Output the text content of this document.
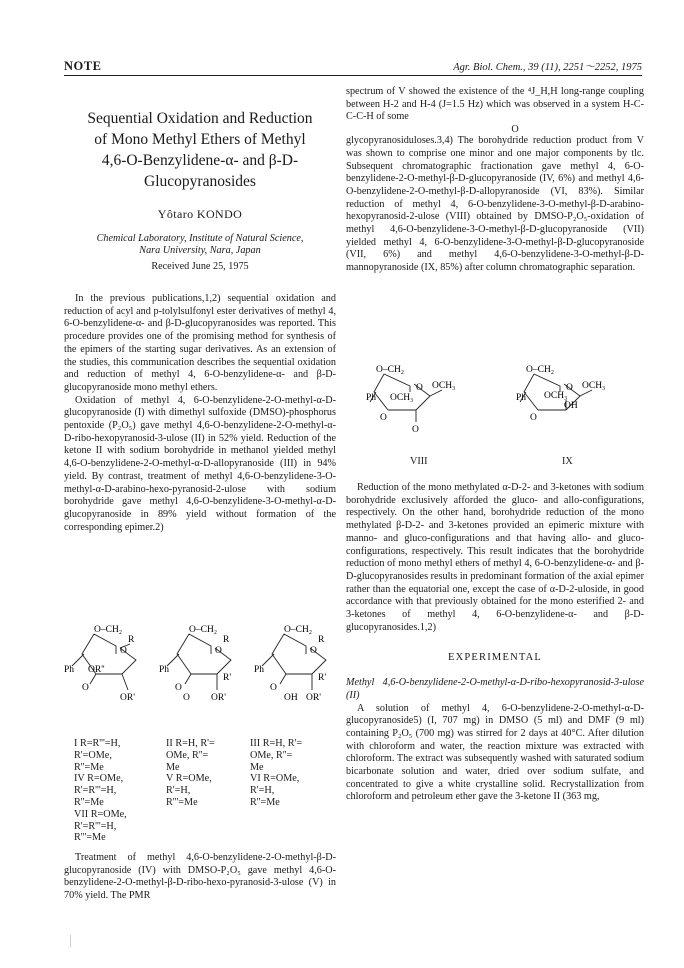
NOTE	Agr. Biol. Chem., 39 (11), 2251～2252, 1975

Sequential Oxidation and Reduction

of Mono Methyl Ethers of Methyl

4,6-O-Benzylidene-α- and β-D-

Glucopyranosides

Yôtaro KONDO

Chemical Laboratory, Institute of Natural Science,
Nara University, Nara, Japan

Received June 25, 1975

In the previous publications,1,2) sequential oxidation and reduction of acyl and p-tolylsulfonyl ester derivatives of methyl 4, 6-O-benzylidene-α- and β-D-glucopyranosides was reported. This procedure provides one of the promising method for synthesis of the epimers of the starting sugar derivatives. As an extension of the studies, this communication describes the sequential oxidation and reduction of methyl 4, 6-O-benzylidene-α- and β-D-glucopyranoside mono methyl ethers.

Oxidation of methyl 4, 6-O-benzylidene-2-O-methyl-α-D-glucopyranoside (I) with dimethyl sulfoxide (DMSO)-phosphorus pentoxide (P₂O₅) gave methyl 4,6-O-benzylidene-2-O-methyl-α-D-ribo-hexopyranosid-3-ulose (II) in 52% yield. Reduction of the ketone II with sodium borohydride in methanol yielded methyl 4,6-O-benzylidene-2-O-methyl-α-D-allopyranoside (III) in 94% yield. By contrast, treatment of methyl 4,6-O-benzylidene-3-O-methyl-α-D-arabino-hexo-pyranosid-2-ulose with sodium borohydride gave methyl 4,6-O-benzylidene-3-O-methyl-α-D-glucopyranoside in 89% yield without formation of the corresponding epimer.2)

O–CH₂
O
R
Ph OR''
O
OR'
O–CH₂
O
R
R'
Ph
O
O OR'
O–CH₂
O
R
R'
Ph
O
OH OR'
I R=R'''=H,
R'=OMe,
R''=Me
IV R=OMe,
R'=R'''=H,
R''=Me
VII R=OMe,
R'=R'''=H,
R'''=Me
II R=H, R'=
OMe, R''=
Me
V R=OMe,
R'=H,
R'''=Me
III R=H, R'=
OMe, R''=
Me
VI R=OMe,
R'=H,
R''=Me

Treatment of methyl 4,6-O-benzylidene-2-O-methyl-β-D-glucopyranoside (IV) with DMSO-P₂O₅ gave methyl 4,6-O-benzylidene-2-O-methyl-β-D-ribo-hexo-pyranosid-3-ulose (V) in 70% yield. The PMR

spectrum of V showed the existence of the ⁴J_H,H long-range coupling between H-2 and H-4 (J=1.5 Hz) which was observed in a system H-C-C-C-H of some

O

glycopyranosiduloses.3,4) The borohydride reduction product from V was shown to comprise one minor and one major components by tlc. Subsequent chromatographic fractionation gave methyl 4, 6-O-benzylidene-2-O-methyl-β-D-glucopyranoside (IV, 6%) and methyl 4,6-O-benzylidene-2-O-methyl-β-D-allopyranoside (VI, 83%). Similar reduction of methyl 4, 6-O-benzylidene-3-O-methyl-β-D-arabino-hexopyranosid-2-ulose (VIII) obtained by DMSO-P₂O₅-oxidation of methyl 4,6-O-benzylidene-3-O-methyl-β-D-glucopyranoside (VII) yielded methyl 4, 6-O-benzylidene-3-O-methyl-β-D-glucopyranoside (VII, 6%) and methyl 4,6-O-benzylidene-3-O-methyl-β-D-mannopyranoside (IX, 85%) after column chromatographic separation.

O–CH₂
O OCH₃
Ph OCH₃
O
O
O–CH₂
O OCH₃
Ph OCH₃
OH
O
VIII	IX

Reduction of the mono methylated α-D-2- and 3-ketones with sodium borohydride exclusively afforded the gluco- and allo-configurations, respectively. On the other hand, borohydride reduction of the mono methylated β-D-2- and 3-ketones provided an epimeric mixture with manno- and gluco-configurations and that having allo- and gluco-configurations, respectively. This result indicates that the borohydride reduction of mono methyl ethers of methyl 4, 6-O-benzylidene-α- and β-D-glucopyranosides results in predominant formation of the axial epimer rather than the equatorial one, except the case of α-D-2-uloside, in good accordance with that previously obtained for the mono esterified 2- and 3-ketones of methyl 4, 6-O-benzylidene-α- and β-D-glucopyranosides.1,2)

EXPERIMENTAL

Methyl 4,6-O-benzylidene-2-O-methyl-α-D-ribo-hexopyranosid-3-ulose (II)

A solution of methyl 4, 6-O-benzylidene-2-O-methyl-α-D-glucopyranoside5) (I, 707 mg) in DMSO (5 ml) and DMF (9 ml) containing P₂O₅ (700 mg) was stirred for 2 days at 40°C. After dilution with chloroform and water, the reaction mixture was extracted with chloroform. The extract was subsequently washed with saturated sodium bicarbonate solution and water, dried over sodium sulfate, and concentrated to give a white crystalline solid. Recrystallization from chloroform and petroleum ether gave the 3-ketone II (363 mg,
